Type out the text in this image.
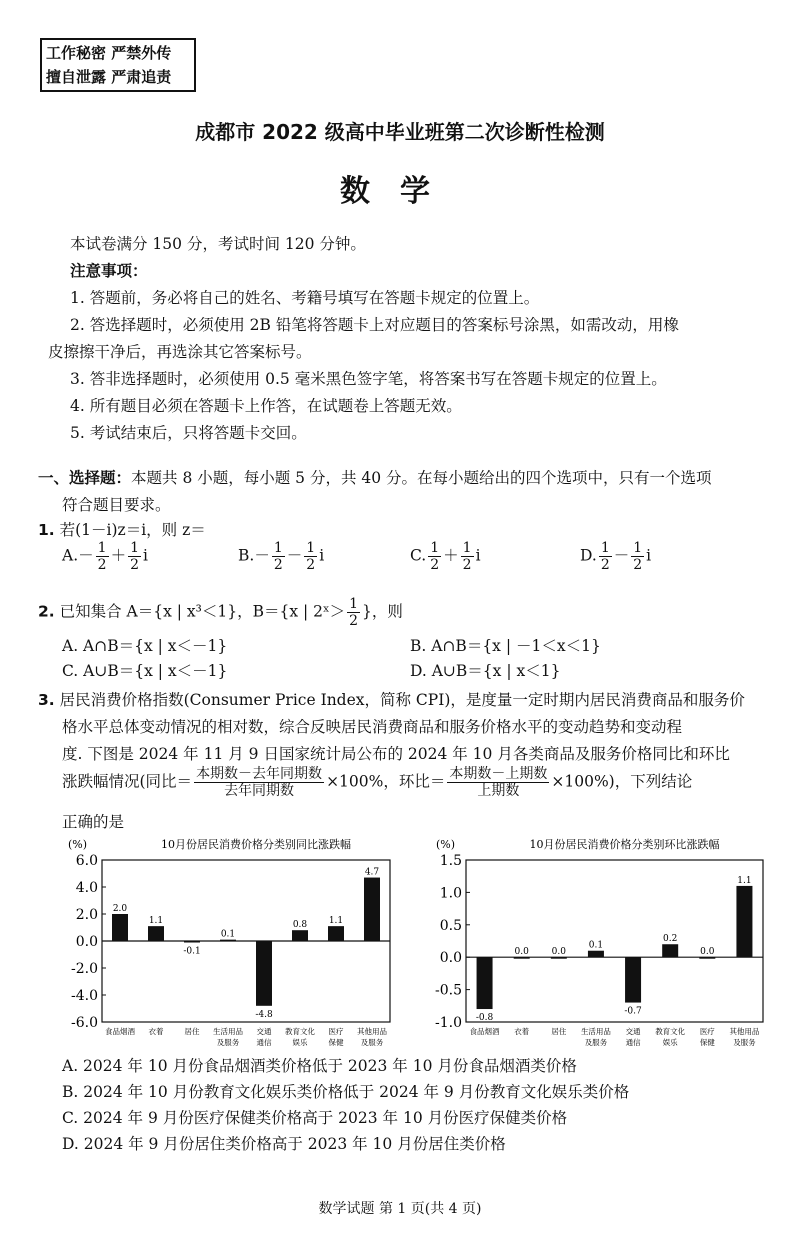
工作秘密 严禁外传
擅自泄露 严肃追责
成都市 2022 级高中毕业班第二次诊断性检测
数学
本试卷满分 150 分，考试时间 120 分钟。
注意事项：
1. 答题前，务必将自己的姓名、考籍号填写在答题卡规定的位置上。
2. 答选择题时，必须使用 2B 铅笔将答题卡上对应题目的答案标号涂黑，如需改动，用橡
皮擦擦干净后，再选涂其它答案标号。
3. 答非选择题时，必须使用 0.5 毫米黑色签字笔，将答案书写在答题卡规定的位置上。
4. 所有题目必须在答题卡上作答，在试题卷上答题无效。
5. 考试结束后，只将答题卡交回。
一、选择题：本题共 8 小题，每小题 5 分，共 40 分。在每小题给出的四个选项中，只有一个选项
符合题目要求。
1. 若(1－i)z＝i，则 z＝
$A.- \frac{1}{2} + \frac{1}{2}$ i	$B.- \frac{1}{2} - \frac{1}{2}$ i	C. $\frac{1}{2} + \frac{1}{2}$ i	D. $\frac{1}{2} - \frac{1}{2}$ i
2. 已知集合 A＝{x | x³＜1}，B＝{x | 2ˣ＞ $\frac{1}{2}$ }，则
A. A∩B＝{x | x＜－1}	B. A∩B＝{x | －1＜x＜1}
C. A∪B＝{x | x＜－1}	D. A∪B＝{x | x＜1}
3. 居民消费价格指数(Consumer Price Index，简称 CPI)，是度量一定时期内居民消费商品和服务价
格水平总体变动情况的相对数，综合反映居民消费商品和服务价格水平的变动趋势和变动程
度. 下图是 2024 年 11 月 9 日国家统计局公布的 2024 年 10 月各类商品及服务价格同比和环比
涨跌幅情况(同比＝ $\frac{\text{本期数－去年同期数}}{\text{去年同期数}} \times 100\%$，环比＝ $\frac{\text{本期数－上期数}}{\text{上期数}} \times 100\%$)，下列结论
正确的是
(%)	10月份居民消费价格分类别同比涨跌幅
6.0
4.0
2.0
0.0
-2.0
-4.0
-6.0
2.0
食品烟酒
1.1
衣着
-0.1
居住
0.1
生活用品
及服务
-4.8
交通
通信
0.8
教育文化
娱乐
1.1
医疗
保健
4.7
其他用品
及服务
(%)	10月份居民消费价格分类别环比涨跌幅
1.5
1.0
0.5
0.0
-0.5
-1.0 -0.8
食品烟酒
0.0
衣着
0.0
居住
0.1
生活用品
及服务
-0.7
交通
通信
0.2
教育文化
娱乐
0.0
医疗
保健
1.1
其他用品
及服务
A. 2024 年 10 月份食品烟酒类价格低于 2023 年 10 月份食品烟酒类价格
B. 2024 年 10 月份教育文化娱乐类价格低于 2024 年 9 月份教育文化娱乐类价格
C. 2024 年 9 月份医疗保健类价格高于 2023 年 10 月份医疗保健类价格
D. 2024 年 9 月份居住类价格高于 2023 年 10 月份居住类价格
数学试题 第 1 页(共 4 页)
